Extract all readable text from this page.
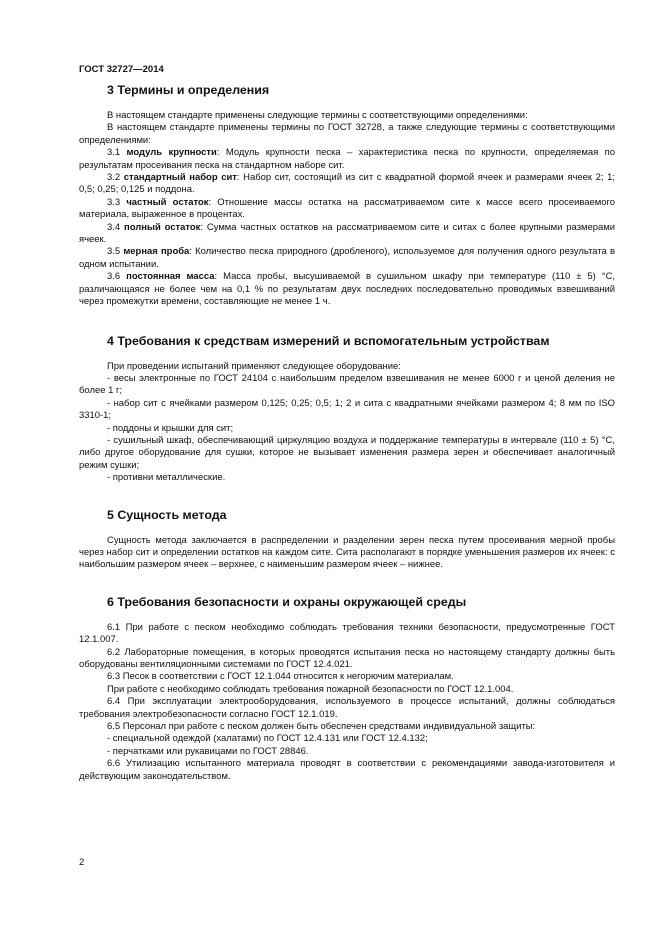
ГОСТ 32727—2014
3 Термины и определения

В настоящем стандарте применены следующие термины с соответствующими определениями:

В настоящем стандарте применены термины по ГОСТ 32728, а также следующие термины с соответствующими определениями:

3.1 модуль крупности: Модуль крупности песка – характеристика песка по крупности, определяемая по результатам просеивания песка на стандартном наборе сит.

3.2 стандартный набор сит: Набор сит, состоящий из сит с квадратной формой ячеек и размерами ячеек 2; 1; 0,5; 0,25; 0,125 и поддона.

3.3 частный остаток: Отношение массы остатка на рассматриваемом сите к массе всего просеиваемого материала, выраженное в процентах.

3.4 полный остаток: Сумма частных остатков на рассматриваемом сите и ситах с более крупными размерами ячеек.

3.5 мерная проба: Количество песка природного (дробленого), используемое для получения одного результата в одном испытании.

3.6 постоянная масса: Масса пробы, высушиваемой в сушильном шкафу при температуре (110 ± 5) °С, различающаяся не более чем на 0,1 % по результатам двух последних последовательно проводимых взвешиваний через промежутки времени, составляющие не менее 1 ч.

4 Требования к средствам измерений и вспомогательным устройствам

При проведении испытаний применяют следующее оборудование:

- весы электронные по ГОСТ 24104 с наибольшим пределом взвешивания не менее 6000 г и ценой деления не более 1 г;

- набор сит с ячейками размером 0,125; 0,25; 0,5; 1; 2 и сита с квадратными ячейками размером 4; 8 мм по ISO 3310-1;

- поддоны и крышки для сит;

- сушильный шкаф, обеспечивающий циркуляцию воздуха и поддержание температуры в интервале (110 ± 5) °С, либо другое оборудование для сушки, которое не вызывает изменения размера зерен и обеспечивает аналогичный режим сушки;

- противни металлические.

5 Сущность метода

Сущность метода заключается в распределении и разделении зерен песка путем просеивания мерной пробы через набор сит и определении остатков на каждом сите. Сита располагают в порядке уменьшения размеров их ячеек: с наибольшим размером ячеек – верхнее, с наименьшим размером ячеек – нижнее.

6 Требования безопасности и охраны окружающей среды

6.1 При работе с песком необходимо соблюдать требования техники безопасности, предусмотренные ГОСТ 12.1.007.

6.2 Лабораторные помещения, в которых проводятся испытания песка но настоящему стандарту должны быть оборудованы вентиляционными системами по ГОСТ 12.4.021.

6.3 Песок в соответствии с ГОСТ 12.1.044 относится к негорючим материалам.

При работе с необходимо соблюдать требования пожарной безопасности по ГОСТ 12.1.004.

6.4 При эксплуатации электрооборудования, используемого в процессе испытаний, должны соблюдаться требования электробезопасности согласно ГОСТ 12.1.019.

6.5 Персонал при работе с песком должен быть обеспечен средствами индивидуальной защиты:

- специальной одеждой (халатами) по ГОСТ 12.4.131 или ГОСТ 12.4.132;

- перчатками или рукавицами по ГОСТ 28846.

6.6 Утилизацию испытанного материала проводят в соответствии с рекомендациями завода-изготовителя и действующим законодательством.

2
